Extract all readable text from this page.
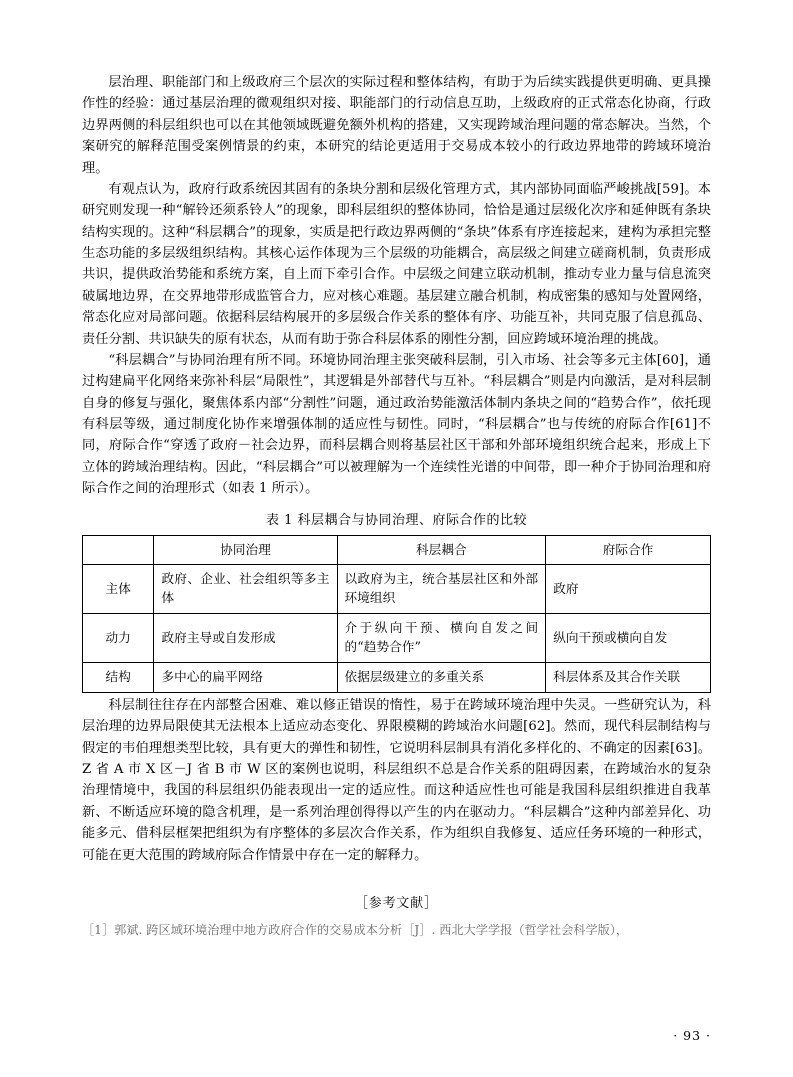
层治理、职能部门和上级政府三个层次的实际过程和整体结构，有助于为后续实践提供更明确、更具操作性的经验：通过基层治理的微观组织对接、职能部门的行动信息互助，上级政府的正式常态化协商，行政边界两侧的科层组织也可以在其他领域既避免额外机构的搭建，又实现跨域治理问题的常态解决。当然，个案研究的解释范围受案例情景的约束，本研究的结论更适用于交易成本较小的行政边界地带的跨域环境治理。

有观点认为，政府行政系统因其固有的条块分割和层级化管理方式，其内部协同面临严峻挑战[59]。本研究则发现一种“解铃还须系铃人”的现象，即科层组织的整体协同，恰恰是通过层级化次序和延伸既有条块结构实现的。这种“科层耦合”的现象，实质是把行政边界两侧的“条块”体系有序连接起来，建构为承担完整生态功能的多层级组织结构。其核心运作体现为三个层级的功能耦合，高层级之间建立磋商机制，负责形成共识，提供政治势能和系统方案，自上而下牵引合作。中层级之间建立联动机制，推动专业力量与信息流突破属地边界，在交界地带形成监管合力，应对核心难题。基层建立融合机制，构成密集的感知与处置网络，常态化应对局部问题。依据科层结构展开的多层级合作关系的整体有序、功能互补，共同克服了信息孤岛、责任分割、共识缺失的原有状态，从而有助于弥合科层体系的刚性分割，回应跨域环境治理的挑战。

“科层耦合”与协同治理有所不同。环境协同治理主张突破科层制，引入市场、社会等多元主体[60]，通过构建扁平化网络来弥补科层“局限性”，其逻辑是外部替代与互补。“科层耦合”则是内向激活，是对科层制自身的修复与强化，聚焦体系内部“分割性”问题，通过政治势能激活体制内条块之间的“趋势合作”，依托现有科层等级，通过制度化协作来增强体制的适应性与韧性。同时，“科层耦合”也与传统的府际合作[61]不同，府际合作“穿透了政府－社会边界，而科层耦合则将基层社区干部和外部环境组织统合起来，形成上下立体的跨域治理结构。因此，“科层耦合”可以被理解为一个连续性光谱的中间带，即一种介于协同治理和府际合作之间的治理形式（如表 1 所示）。

表 1 科层耦合与协同治理、府际合作的比较
	协同治理	科层耦合	府际合作
主体	政府、企业、社会组织等多主体	以政府为主，统合基层社区和外部环境组织	政府
动力	政府主导或自发形成	介于纵向干预、横向自发之间的“趋势合作”	纵向干预或横向自发
结构	多中心的扁平网络	依据层级建立的多重关系	科层体系及其合作关联

科层制往往存在内部整合困难、难以修正错误的惰性，易于在跨域环境治理中失灵。一些研究认为，科层治理的边界局限使其无法根本上适应动态变化、界限模糊的跨域治水问题[62]。然而，现代科层制结构与假定的韦伯理想类型比较，具有更大的弹性和韧性，它说明科层制具有消化多样化的、不确定的因素[63]。Z 省 A 市 X 区－J 省 B 市 W 区的案例也说明，科层组织不总是合作关系的阻碍因素，在跨域治水的复杂治理情境中，我国的科层组织仍能表现出一定的适应性。而这种适应性也可能是我国科层组织推进自我革新、不断适应环境的隐含机理，是一系列治理创得得以产生的内在驱动力。“科层耦合”这种内部差异化、功能多元、借科层框架把组织为有序整体的多层次合作关系，作为组织自我修复、适应任务环境的一种形式，可能在更大范围的跨域府际合作情景中存在一定的解释力。

［参考文献］

［1］郭斌. 跨区域环境治理中地方政府合作的交易成本分析［J］. 西北大学学报（哲学社会科学版），

· 93 ·
